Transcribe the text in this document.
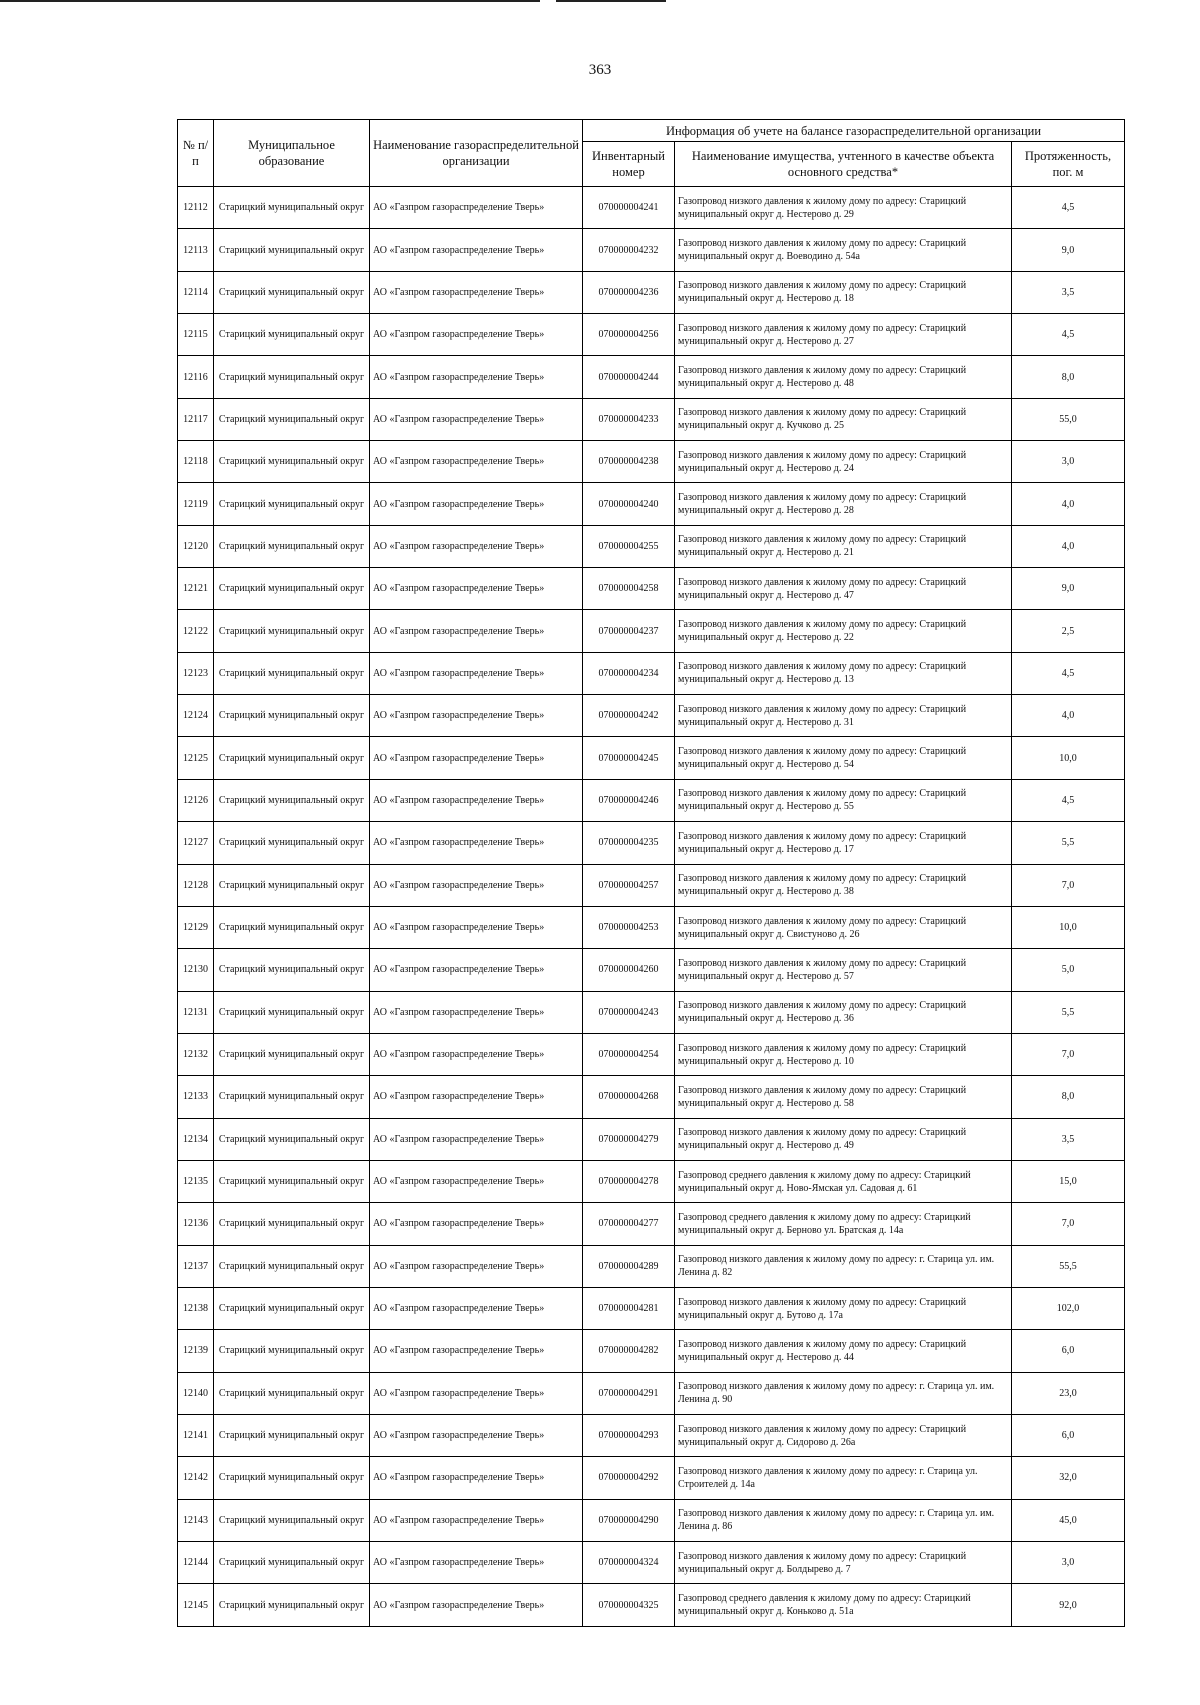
363
№ п/п	Муниципальное образование	Наименование газораспределительной организации	Информация об учете на балансе газораспределительной организации		
			Инвентарный номер	Наименование имущества, учтенного в качестве объекта основного средства*	Протяженность, пог. м
12112	Старицкий муниципальный округ	АО «Газпром газораспределение Тверь»	070000004241	Газопровод низкого давления к жилому дому по адресу: Старицкий муниципальный округ д. Нестерово д. 29	4,5
12113	Старицкий муниципальный округ	АО «Газпром газораспределение Тверь»	070000004232	Газопровод низкого давления к жилому дому по адресу: Старицкий муниципальный округ д. Воеводино д. 54а	9,0
12114	Старицкий муниципальный округ	АО «Газпром газораспределение Тверь»	070000004236	Газопровод низкого давления к жилому дому по адресу: Старицкий муниципальный округ д. Нестерово д. 18	3,5
12115	Старицкий муниципальный округ	АО «Газпром газораспределение Тверь»	070000004256	Газопровод низкого давления к жилому дому по адресу: Старицкий муниципальный округ д. Нестерово д. 27	4,5
12116	Старицкий муниципальный округ	АО «Газпром газораспределение Тверь»	070000004244	Газопровод низкого давления к жилому дому по адресу: Старицкий муниципальный округ д. Нестерово д. 48	8,0
12117	Старицкий муниципальный округ	АО «Газпром газораспределение Тверь»	070000004233	Газопровод низкого давления к жилому дому по адресу: Старицкий муниципальный округ д. Кучково д. 25	55,0
12118	Старицкий муниципальный округ	АО «Газпром газораспределение Тверь»	070000004238	Газопровод низкого давления к жилому дому по адресу: Старицкий муниципальный округ д. Нестерово д. 24	3,0
12119	Старицкий муниципальный округ	АО «Газпром газораспределение Тверь»	070000004240	Газопровод низкого давления к жилому дому по адресу: Старицкий муниципальный округ д. Нестерово д. 28	4,0
12120	Старицкий муниципальный округ	АО «Газпром газораспределение Тверь»	070000004255	Газопровод низкого давления к жилому дому по адресу: Старицкий муниципальный округ д. Нестерово д. 21	4,0
12121	Старицкий муниципальный округ	АО «Газпром газораспределение Тверь»	070000004258	Газопровод низкого давления к жилому дому по адресу: Старицкий муниципальный округ д. Нестерово д. 47	9,0
12122	Старицкий муниципальный округ	АО «Газпром газораспределение Тверь»	070000004237	Газопровод низкого давления к жилому дому по адресу: Старицкий муниципальный округ д. Нестерово д. 22	2,5
12123	Старицкий муниципальный округ	АО «Газпром газораспределение Тверь»	070000004234	Газопровод низкого давления к жилому дому по адресу: Старицкий муниципальный округ д. Нестерово д. 13	4,5
12124	Старицкий муниципальный округ	АО «Газпром газораспределение Тверь»	070000004242	Газопровод низкого давления к жилому дому по адресу: Старицкий муниципальный округ д. Нестерово д. 31	4,0
12125	Старицкий муниципальный округ	АО «Газпром газораспределение Тверь»	070000004245	Газопровод низкого давления к жилому дому по адресу: Старицкий муниципальный округ д. Нестерово д. 54	10,0
12126	Старицкий муниципальный округ	АО «Газпром газораспределение Тверь»	070000004246	Газопровод низкого давления к жилому дому по адресу: Старицкий муниципальный округ д. Нестерово д. 55	4,5
12127	Старицкий муниципальный округ	АО «Газпром газораспределение Тверь»	070000004235	Газопровод низкого давления к жилому дому по адресу: Старицкий муниципальный округ д. Нестерово д. 17	5,5
12128	Старицкий муниципальный округ	АО «Газпром газораспределение Тверь»	070000004257	Газопровод низкого давления к жилому дому по адресу: Старицкий муниципальный округ д. Нестерово д. 38	7,0
12129	Старицкий муниципальный округ	АО «Газпром газораспределение Тверь»	070000004253	Газопровод низкого давления к жилому дому по адресу: Старицкий муниципальный округ д. Свистуново д. 26	10,0
12130	Старицкий муниципальный округ	АО «Газпром газораспределение Тверь»	070000004260	Газопровод низкого давления к жилому дому по адресу: Старицкий муниципальный округ д. Нестерово д. 57	5,0
12131	Старицкий муниципальный округ	АО «Газпром газораспределение Тверь»	070000004243	Газопровод низкого давления к жилому дому по адресу: Старицкий муниципальный округ д. Нестерово д. 36	5,5
12132	Старицкий муниципальный округ	АО «Газпром газораспределение Тверь»	070000004254	Газопровод низкого давления к жилому дому по адресу: Старицкий муниципальный округ д. Нестерово д. 10	7,0
12133	Старицкий муниципальный округ	АО «Газпром газораспределение Тверь»	070000004268	Газопровод низкого давления к жилому дому по адресу: Старицкий муниципальный округ д. Нестерово д. 58	8,0
12134	Старицкий муниципальный округ	АО «Газпром газораспределение Тверь»	070000004279	Газопровод низкого давления к жилому дому по адресу: Старицкий муниципальный округ д. Нестерово д. 49	3,5
12135	Старицкий муниципальный округ	АО «Газпром газораспределение Тверь»	070000004278	Газопровод среднего давления к жилому дому по адресу: Старицкий муниципальный округ д. Ново-Ямская ул. Садовая д. 61	15,0
12136	Старицкий муниципальный округ	АО «Газпром газораспределение Тверь»	070000004277	Газопровод среднего давления к жилому дому по адресу: Старицкий муниципальный округ д. Берново ул. Братская д. 14а	7,0
12137	Старицкий муниципальный округ	АО «Газпром газораспределение Тверь»	070000004289	Газопровод низкого давления к жилому дому по адресу: г. Старица ул. им. Ленина д. 82	55,5
12138	Старицкий муниципальный округ	АО «Газпром газораспределение Тверь»	070000004281	Газопровод низкого давления к жилому дому по адресу: Старицкий муниципальный округ д. Бутово д. 17а	102,0
12139	Старицкий муниципальный округ	АО «Газпром газораспределение Тверь»	070000004282	Газопровод низкого давления к жилому дому по адресу: Старицкий муниципальный округ д. Нестерово д. 44	6,0
12140	Старицкий муниципальный округ	АО «Газпром газораспределение Тверь»	070000004291	Газопровод низкого давления к жилому дому по адресу: г. Старица ул. им. Ленина д. 90	23,0
12141	Старицкий муниципальный округ	АО «Газпром газораспределение Тверь»	070000004293	Газопровод низкого давления к жилому дому по адресу: Старицкий муниципальный округ д. Сидорово д. 26а	6,0
12142	Старицкий муниципальный округ	АО «Газпром газораспределение Тверь»	070000004292	Газопровод низкого давления к жилому дому по адресу: г. Старица ул. Строителей д. 14а	32,0
12143	Старицкий муниципальный округ	АО «Газпром газораспределение Тверь»	070000004290	Газопровод низкого давления к жилому дому по адресу: г. Старица ул. им. Ленина д. 86	45,0
12144	Старицкий муниципальный округ	АО «Газпром газораспределение Тверь»	070000004324	Газопровод низкого давления к жилому дому по адресу: Старицкий муниципальный округ д. Болдырево д. 7	3,0
12145	Старицкий муниципальный округ	АО «Газпром газораспределение Тверь»	070000004325	Газопровод среднего давления к жилому дому по адресу: Старицкий муниципальный округ д. Коньково д. 51а	92,0
